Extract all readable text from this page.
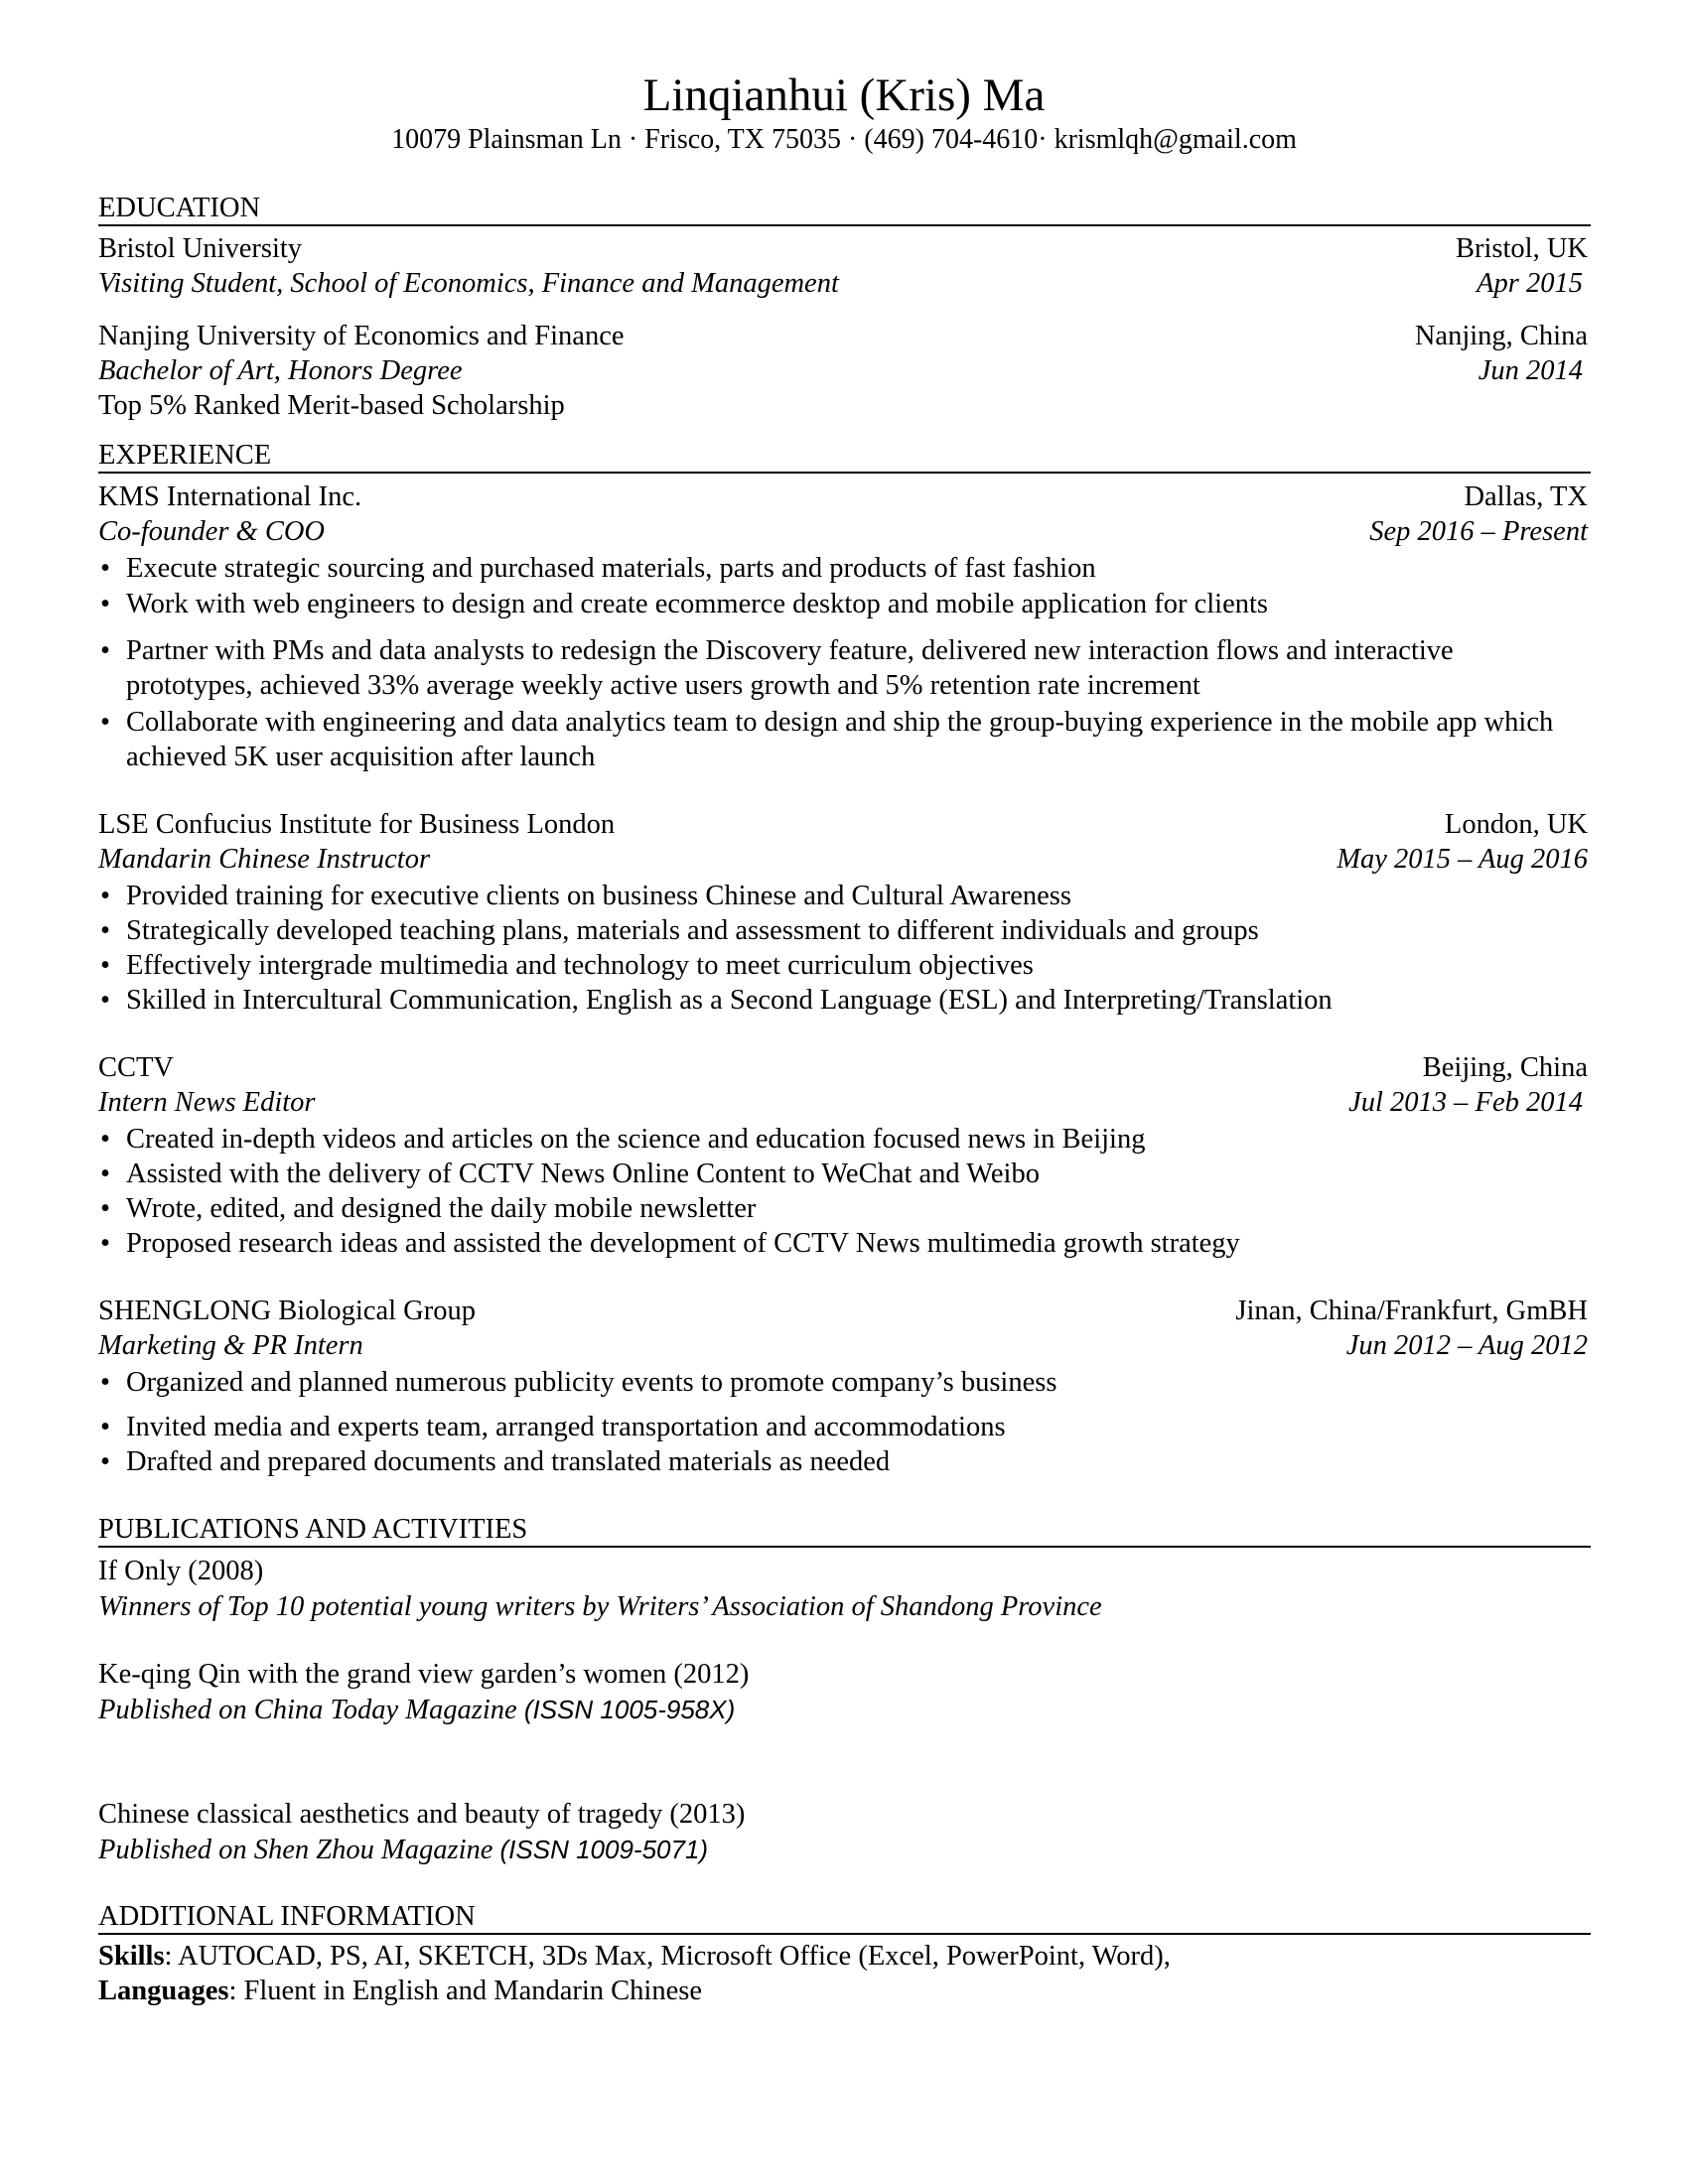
Linqianhui (Kris) Ma
10079 Plainsman Ln · Frisco, TX 75035 · (469) 704-4610· krismlqh@gmail.com
EDUCATION
Bristol University	Bristol, UK
Visiting Student, School of Economics, Finance and Management	Apr 2015
Nanjing University of Economics and Finance	Nanjing, China
Bachelor of Art, Honors Degree	Jun 2014
Top 5% Ranked Merit-based Scholarship
EXPERIENCE
KMS International Inc.	Dallas, TX
Co-founder & COO	Sep 2016 – Present
• Execute strategic sourcing and purchased materials, parts and products of fast fashion
• Work with web engineers to design and create ecommerce desktop and mobile application for clients
• Partner with PMs and data analysts to redesign the Discovery feature, delivered new interaction flows and interactive prototypes, achieved 33% average weekly active users growth and 5% retention rate increment
• Collaborate with engineering and data analytics team to design and ship the group-buying experience in the mobile app which achieved 5K user acquisition after launch
LSE Confucius Institute for Business London	London, UK
Mandarin Chinese Instructor	May 2015 – Aug 2016
• Provided training for executive clients on business Chinese and Cultural Awareness
• Strategically developed teaching plans, materials and assessment to different individuals and groups
• Effectively intergrade multimedia and technology to meet curriculum objectives
• Skilled in Intercultural Communication, English as a Second Language (ESL) and Interpreting/Translation
CCTV	Beijing, China
Intern News Editor	Jul 2013 – Feb 2014
• Created in-depth videos and articles on the science and education focused news in Beijing
• Assisted with the delivery of CCTV News Online Content to WeChat and Weibo
• Wrote, edited, and designed the daily mobile newsletter
• Proposed research ideas and assisted the development of CCTV News multimedia growth strategy
SHENGLONG Biological Group	Jinan, China/Frankfurt, GmBH
Marketing & PR Intern	Jun 2012 – Aug 2012
• Organized and planned numerous publicity events to promote company’s business
• Invited media and experts team, arranged transportation and accommodations
• Drafted and prepared documents and translated materials as needed
PUBLICATIONS AND ACTIVITIES
If Only (2008)
Winners of Top 10 potential young writers by Writers’ Association of Shandong Province
Ke-qing Qin with the grand view garden’s women (2012)
Published on China Today Magazine (ISSN 1005-958X)
Chinese classical aesthetics and beauty of tragedy (2013)
Published on Shen Zhou Magazine (ISSN 1009-5071)
ADDITIONAL INFORMATION
Skills: AUTOCAD, PS, AI, SKETCH, 3Ds Max, Microsoft Office (Excel, PowerPoint, Word),
Languages: Fluent in English and Mandarin Chinese
